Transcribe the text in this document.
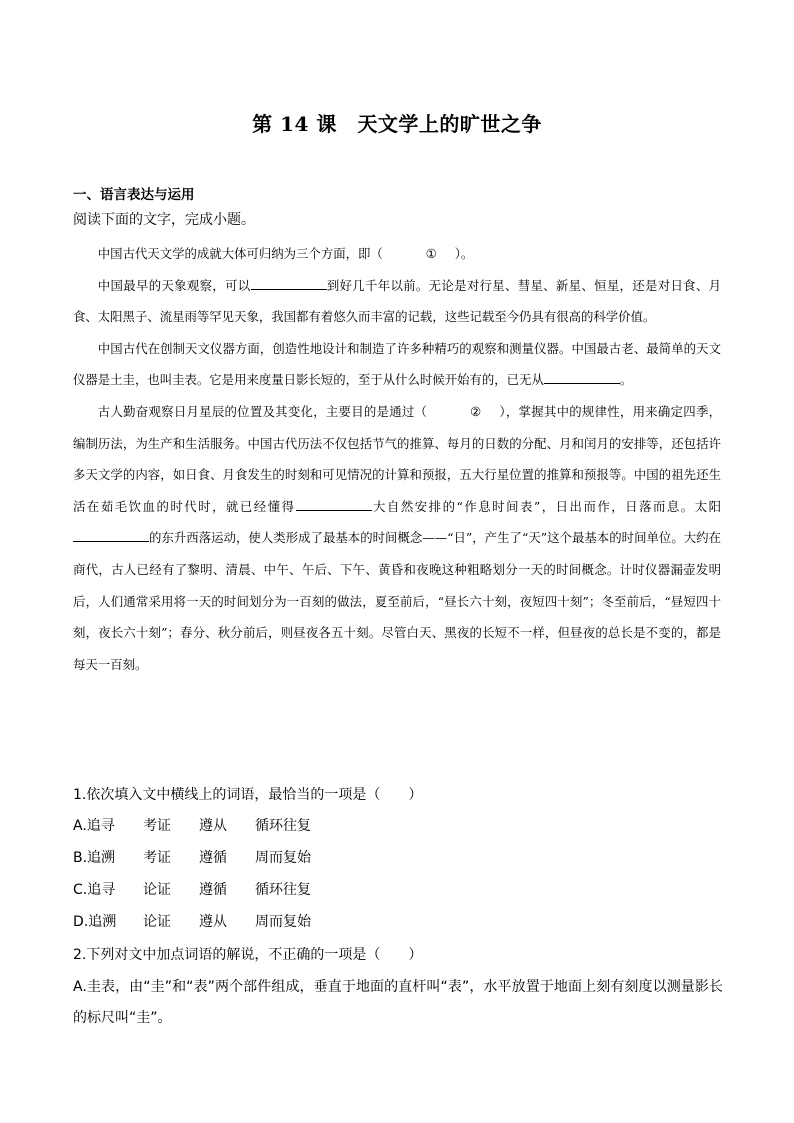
第 14 课　天文学上的旷世之争
一、语言表达与运用
阅读下面的文字，完成小题。

中国古代天文学的成就大体可归纳为三个方面，即（	① ）。

中国最早的天象观察，可以	到好几千年以前。无论是对行星、彗星、新星、恒星，还是对日食、月食、太阳黑子、流星雨等罕见天象，我国都有着悠久而丰富的记载，这些记载至今仍具有很高的科学价值。

中国古代在创制天文仪器方面，创造性地设计和制造了许多种精巧的观察和测量仪器。中国最古老、最简单的天文仪器是土圭，也叫圭表。它是用来度量日影长短的，至于从什么时候开始有的，已无从	。

古人勤奋观察日月星辰的位置及其变化，主要目的是通过（	② ），掌握其中的规律性，用来确定四季，编制历法，为生产和生活服务。中国古代历法不仅包括节气的推算、每月的日数的分配、月和闰月的安排等，还包括许多天文学的内容，如日食、月食发生的时刻和可见情况的计算和预报，五大行星位置的推算和预报等。中国的祖先还生活在茹毛饮血的时代时，就已经懂得	大自然安排的“作息时间表”，日出而作，日落而息。太阳的东升西落运动，使人类形成了最基本的时间概念——“日”，产生了“天”这个最基本的时间单位。大约在商代，古人已经有了黎明、清晨、中午、午后、下午、黄昏和夜晚这种粗略划分一天的时间概念。计时仪器漏壶发明后，人们通常采用将一天的时间划分为一百刻的做法，夏至前后，“昼长六十刻，夜短四十刻”；冬至前后，“昼短四十刻，夜长六十刻”；春分、秋分前后，则昼夜各五十刻。尽管白天、黑夜的长短不一样，但昼夜的总长是不变的，都是每天一百刻。

1.依次填入文中横线上的词语，最恰当的一项是（　　）
A.追寻 考证 遵从 循环往复
B.追溯 考证 遵循 周而复始
C.追寻 论证 遵循 循环往复
D.追溯 论证 遵从 周而复始
2.下列对文中加点词语的解说，不正确的一项是（　　）
A.圭表，由“圭”和“表”两个部件组成，垂直于地面的直杆叫“表”，水平放置于地面上刻有刻度以测量影长的标尺叫“圭”。
